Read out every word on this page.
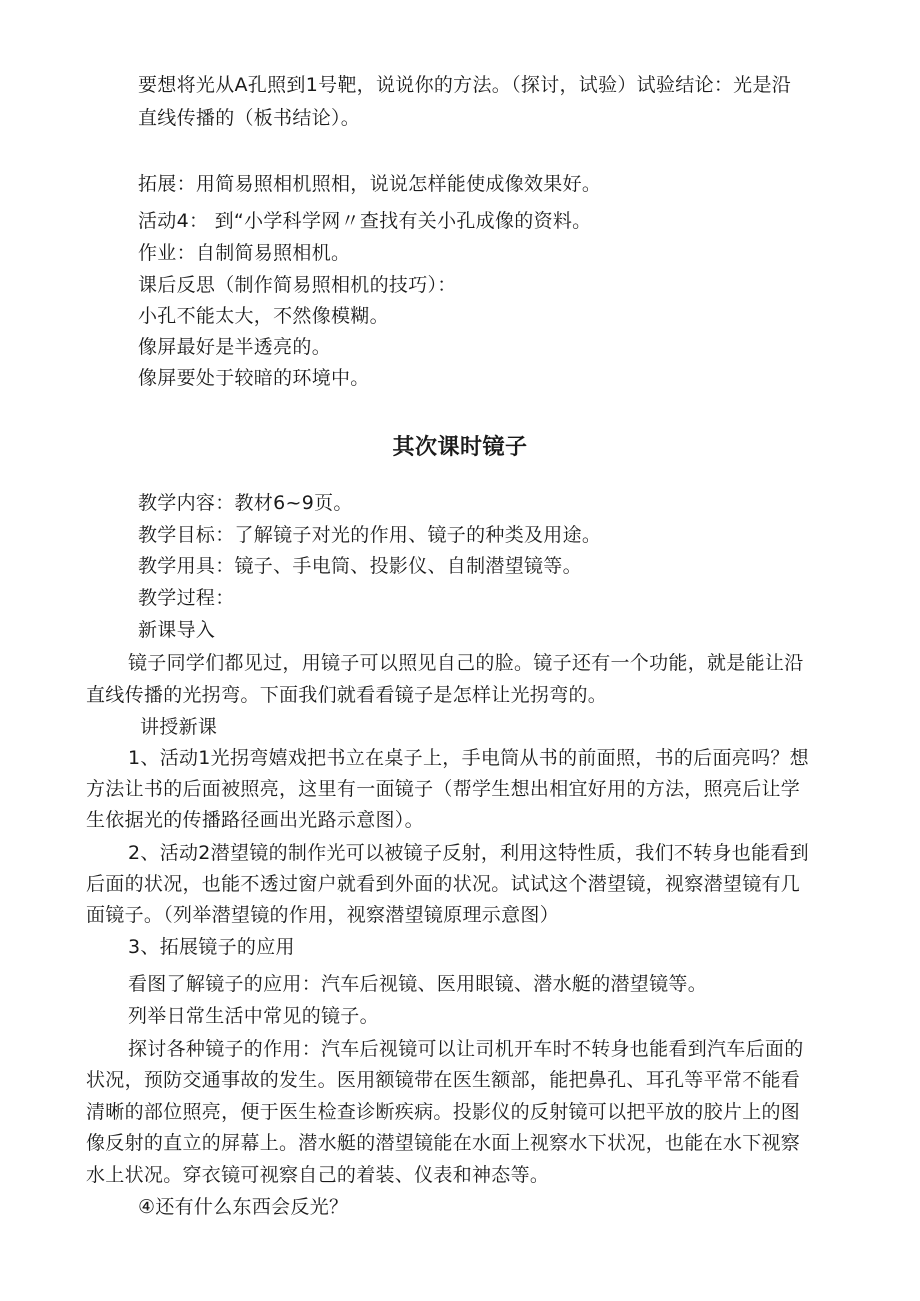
要想将光从A孔照到1号靶，说说你的方法。（探讨，试验）试验结论：光是沿
直线传播的（板书结论）。
拓展：用简易照相机照相，说说怎样能使成像效果好。
活动4： 到“小学科学网〃查找有关小孔成像的资料。
作业：自制简易照相机。
课后反思（制作简易照相机的技巧）：
小孔不能太大，不然像模糊。
像屏最好是半透亮的。
像屏要处于较暗的环境中。
其次课时镜子
教学内容：教材6~9页。
教学目标：了解镜子对光的作用、镜子的种类及用途。
教学用具：镜子、手电筒、投影仪、自制潜望镜等。
教学过程：
新课导入
镜子同学们都见过，用镜子可以照见自己的脸。镜子还有一个功能，就是能让沿
直线传播的光拐弯。下面我们就看看镜子是怎样让光拐弯的。
讲授新课
1、活动1光拐弯嬉戏把书立在桌子上，手电筒从书的前面照，书的后面亮吗？想
方法让书的后面被照亮，这里有一面镜子（帮学生想出相宜好用的方法，照亮后让学
生依据光的传播路径画出光路示意图）。
2、活动2潜望镜的制作光可以被镜子反射，利用这特性质，我们不转身也能看到
后面的状况，也能不透过窗户就看到外面的状况。试试这个潜望镜，视察潜望镜有几
面镜子。（列举潜望镜的作用，视察潜望镜原理示意图）
3、拓展镜子的应用
看图了解镜子的应用：汽车后视镜、医用眼镜、潜水艇的潜望镜等。
列举日常生活中常见的镜子。
探讨各种镜子的作用：汽车后视镜可以让司机开车时不转身也能看到汽车后面的
状况，预防交通事故的发生。医用额镜带在医生额部，能把鼻孔、耳孔等平常不能看
清晰的部位照亮，便于医生检查诊断疾病。投影仪的反射镜可以把平放的胶片上的图
像反射的直立的屏幕上。潜水艇的潜望镜能在水面上视察水下状况，也能在水下视察
水上状况。穿衣镜可视察自己的着装、仪表和神态等。
④还有什么东西会反光？
